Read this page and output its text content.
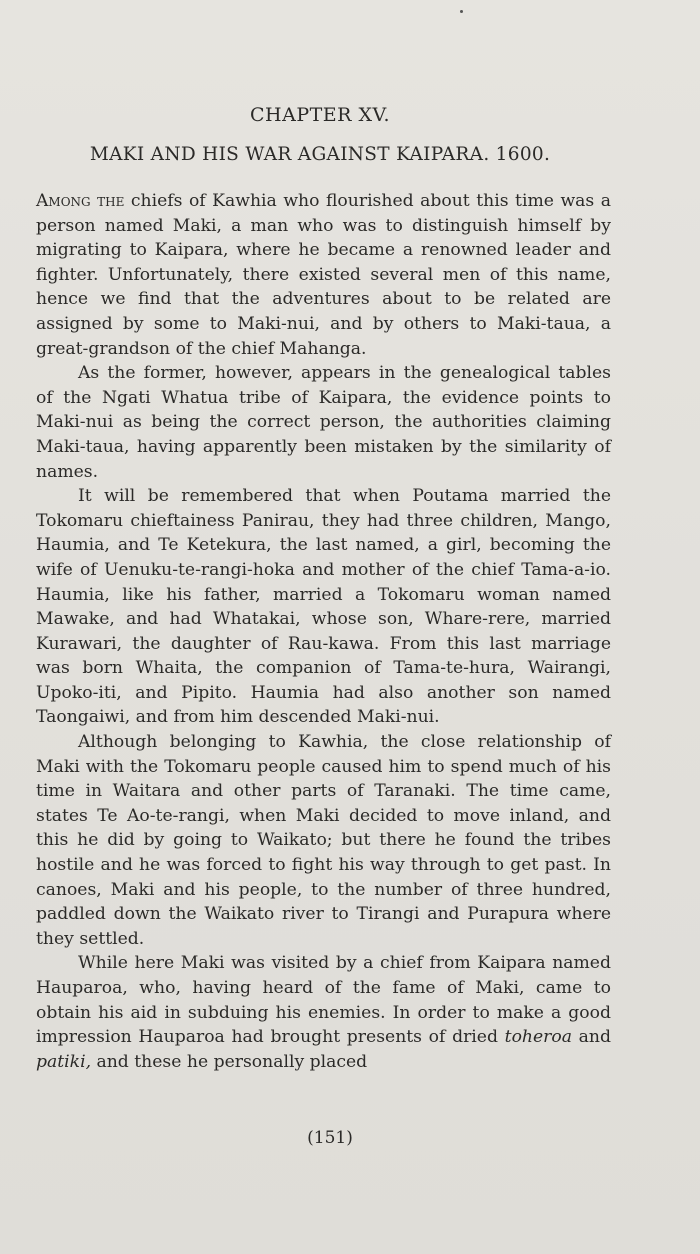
CHAPTER XV.
MAKI AND HIS WAR AGAINST KAIPARA. 1600.

Among the chiefs of Kawhia who flourished about this time was a person named Maki, a man who was to distinguish himself by migrating to Kaipara, where he became a renowned leader and fighter. Unfortunately, there existed several men of this name, hence we find that the adventures about to be related are assigned by some to Maki-nui, and by others to Maki-taua, a great-grandson of the chief Mahanga.

As the former, however, appears in the genealogical tables of the Ngati Whatua tribe of Kaipara, the evidence points to Maki-nui as being the correct person, the authorities claiming Maki-taua, having apparently been mistaken by the similarity of names.

It will be remembered that when Poutama married the Tokomaru chieftainess Panirau, they had three children, Mango, Haumia, and Te Ketekura, the last named, a girl, becoming the wife of Uenuku-te-rangi-hoka and mother of the chief Tama-a-io. Haumia, like his father, married a Tokomaru woman named Mawake, and had Whatakai, whose son, Whare-rere, married Kurawari, the daughter of Rau-kawa. From this last marriage was born Whaita, the companion of Tama-te-hura, Wairangi, Upoko-iti, and Pipito. Haumia had also another son named Taongaiwi, and from him descended Maki-nui.

Although belonging to Kawhia, the close relationship of Maki with the Tokomaru people caused him to spend much of his time in Waitara and other parts of Taranaki. The time came, states Te Ao-te-rangi, when Maki decided to move inland, and this he did by going to Waikato; but there he found the tribes hostile and he was forced to fight his way through to get past. In canoes, Maki and his people, to the number of three hundred, paddled down the Waikato river to Tirangi and Purapura where they settled.

While here Maki was visited by a chief from Kaipara named Hauparoa, who, having heard of the fame of Maki, came to obtain his aid in subduing his enemies. In order to make a good impression Hauparoa had brought presents of dried toheroa and patiki, and these he personally placed

(151)
